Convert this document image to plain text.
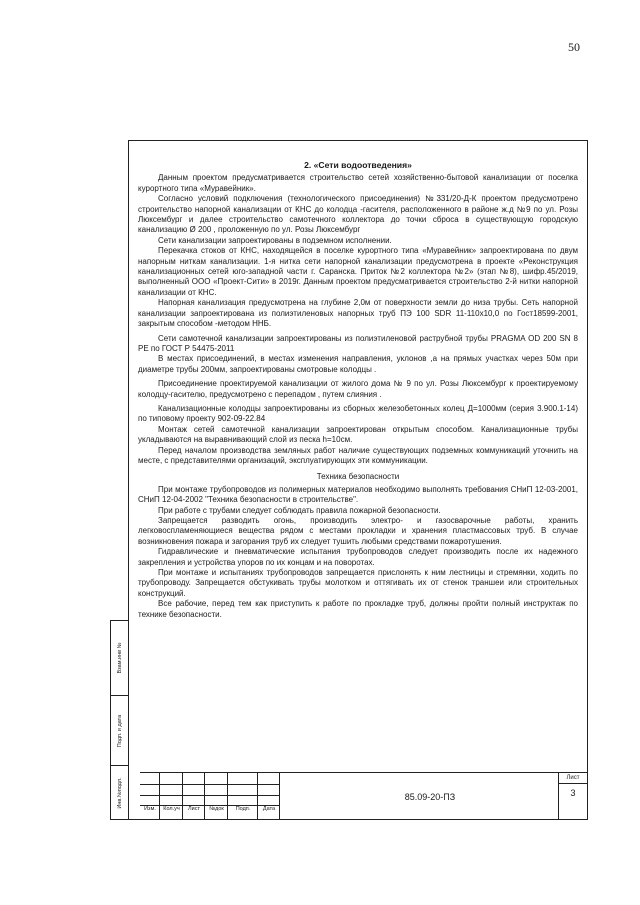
50
Взам.инв №
Подп. и дата
Инв.№подл.

2. «Сети водоотведения»

Данным проектом предусматривается строительство сетей хозяйственно-бытовой канализации от поселка курортного типа «Муравейник».

Согласно условий подключения (технологического присоединения) №331/20-Д-К проектом предусмотрено строительство напорной канализации от КНС до колодца -гасителя, расположенного в районе ж.д №9 по ул. Розы Люксембург и далее строительство самотечного коллектора до точки сброса в существующую городскую канализацию Ø 200 , проложенную по ул. Розы Люксембург

Сети канализации запроектированы в подземном исполнении.

Перекачка стоков от КНС, находящейся в поселке курортного типа «Муравейник» запроектирована по двум напорным ниткам канализации. 1-я нитка сети напорной канализации предусмотрена в проекте «Реконструкция канализационных сетей юго-западной части г. Саранска. Приток №2 коллектора №2» (этап №8), шифр.45/2019, выполненный ООО «Проект-Сити» в 2019г. Данным проектом предусматривается строительство 2-й нитки напорной канализации от КНС.

Напорная канализация предусмотрена на глубине 2,0м от поверхности земли до низа трубы. Сеть напорной канализации запроектирована из полиэтиленовых напорных труб ПЭ 100 SDR 11-110х10,0 по Гост18599-2001, закрытым способом -методом ННБ.

Сети самотечной канализации запроектированы из полиэтиленовой раструбной трубы PRAGMA OD 200 SN 8 PE по ГОСТ Р 54475-2011

В местах присоединений, в местах изменения направления, уклонов ,а на прямых участках через 50м при диаметре трубы 200мм, запроектированы смотровые колодцы .

Присоединение проектируемой канализации от жилого дома № 9 по ул. Розы Люксембург к проектируемому колодцу-гасителю, предусмотрено с перепадом , путем слияния .

Канализационные колодцы запроектированы из сборных железобетонных колец Д=1000мм (серия 3.900.1-14) по типовому проекту 902-09-22.84

Монтаж сетей самотечной канализации запроектирован открытым способом. Канализационные трубы укладываются на выравнивающий слой из песка h=10см.

Перед началом производства земляных работ наличие существующих подземных коммуникаций уточнить на месте, с представителями организаций, эксплуатирующих эти коммуникации.

Техника безопасности

При монтаже трубопроводов из полимерных материалов необходимо выполнять требования СНиП 12-03-2001, СНиП 12-04-2002 "Техника безопасности в строительстве".

При работе с трубами следует соблюдать правила пожарной безопасности.

Запрещается разводить огонь, производить электро- и газосварочные работы, хранить легковоспламеняющиеся вещества рядом с местами прокладки и хранения пластмассовых труб. В случае возникновения пожара и загорания труб их следует тушить любыми средствами пожаротушения.

Гидравлические и пневматические испытания трубопроводов следует производить после их надежного закрепления и устройства упоров по их концам и на поворотах.

При монтаже и испытаниях трубопроводов запрещается прислонять к ним лестницы и стремянки, ходить по трубопроводу. Запрещается обстукивать трубы молотком и оттягивать их от стенок траншеи или строительных конструкций.

Все рабочие, перед тем как приступить к работе по прокладке труб, должны пройти полный инструктаж по технике безопасности.

Изм.	Кол.уч	Лист	№док	Подп.	Дата
85.09-20-ПЗ
Лист
3
